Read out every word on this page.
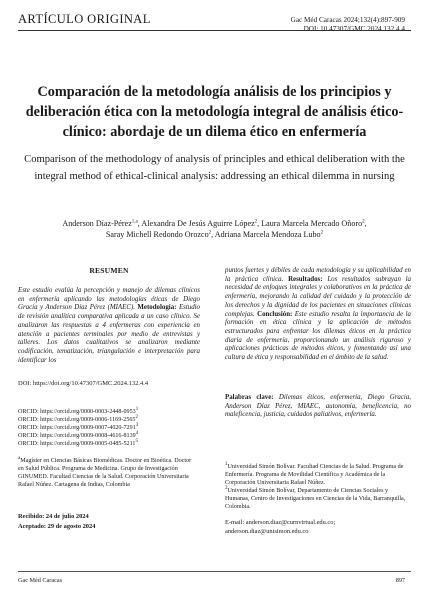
ARTÍCULO ORIGINAL	Gac Méd Caracas 2024;132(4):897-909
Comparación de la metodología análisis de los principios y deliberación ética con la metodología integral de análisis ético-clínico: abordaje de un dilema ético en enfermería
Comparison of the methodology of analysis of principles and ethical deliberation with the integral method of ethical-clinical analysis: addressing an ethical dilemma in nursing
Anderson Díaz-Pérez$^{1,a}$, Alexandra De Jesús Aguirre López$^2$, Laura Marcela Mercado Oñoro$^2$,
Saray Michell Redondo Orozco$^2$, Adriana Marcela Mendoza Lubo$^2$
RESUMEN

Este estudio evalúa la percepción y manejo de dilemas clínicos en enfermería aplicando las metodologías éticas de Diego Gracia y Anderson Díaz Pérez (MIAEC). Metodología: Estudio de revisión analítica comparativa aplicada a un caso clínico. Se analizaron las respuestas a 4 enfermeras con experiencia en atención a pacientes terminales por medio de entrevistas y talleres. Los datos cualitativos se analizaron mediante codificación, tematización, triangulación e interpretación para identificar los

puntos fuertes y débiles de cada metodología y su aplicabilidad en la práctica clínica. Resultados: Los resultados subrayan la necesidad de enfoques integrales y colaborativos en la práctica de enfermería, mejorando la calidad del cuidado y la protección de los derechos y la dignidad de los pacientes en situaciones clínicas complejas. Conclusión: Este estudio resalta la importancia de la formación en ética clínica y la aplicación de métodos estructurados para enfrentar los dilemas éticos en la práctica diaria de enfermería, proporcionando un análisis riguroso y aplicaciones prácticas de métodos éticos, y fomentando así una cultura de ética y responsabilidad en el ámbito de la salud.

Palabras clave: Dilemas éticos, enfermería, Diego Gracia, Anderson Díaz Pérez, MIAEC, autonomía, beneficencia, no maleficencia, justicia, cuidados paliativos, enfermería.
DOI: https://doi.org/10.47307/GMC.2024.132.4.4
ORCID: https://orcid.org/0000-0003-2448-0953$^1$
ORCID: https://orcid.org/0009-0006-1169-2565$^2$
ORCID: https://orcid.org/0009-0007-4020-7291$^3$
ORCID: https://orcid.org/0009-0008-4616-8139$^4$
ORCID: https://orcid.org/0009-0005-0485-5211$^5$
$^a$Magíster en Ciencias Básicas Biomédicas. Doctor en Bioética. Doctor en Salud Pública. Programa de Medicina. Grupo de Investigación GINUMED. Facultad Ciencias de la Salud. Corporación Universitaria Rafael Núñez. Cartagena de Indias, Colombia
Recibido: 24 de julio 2024
Aceptado: 29 de agosto 2024
$^1$Universidad Simón Bolívar. Facultad Ciencias de la Salud. Programa de Enfermería. Programa de Movilidad Científica y Académica de la Corporación Universitaria Rafael Núñez.
$^2$Universidad Simón Bolívar, Departamento de Ciencias Sociales y Humanas, Centro de Investigaciones en Ciencias de la Vida, Barranquilla, Colombia.
E-mail: anderson.diaz@curnvirtual.edu.co; anderson.diaz@unisimon.edu.co
Gac Méd Caracas	897
